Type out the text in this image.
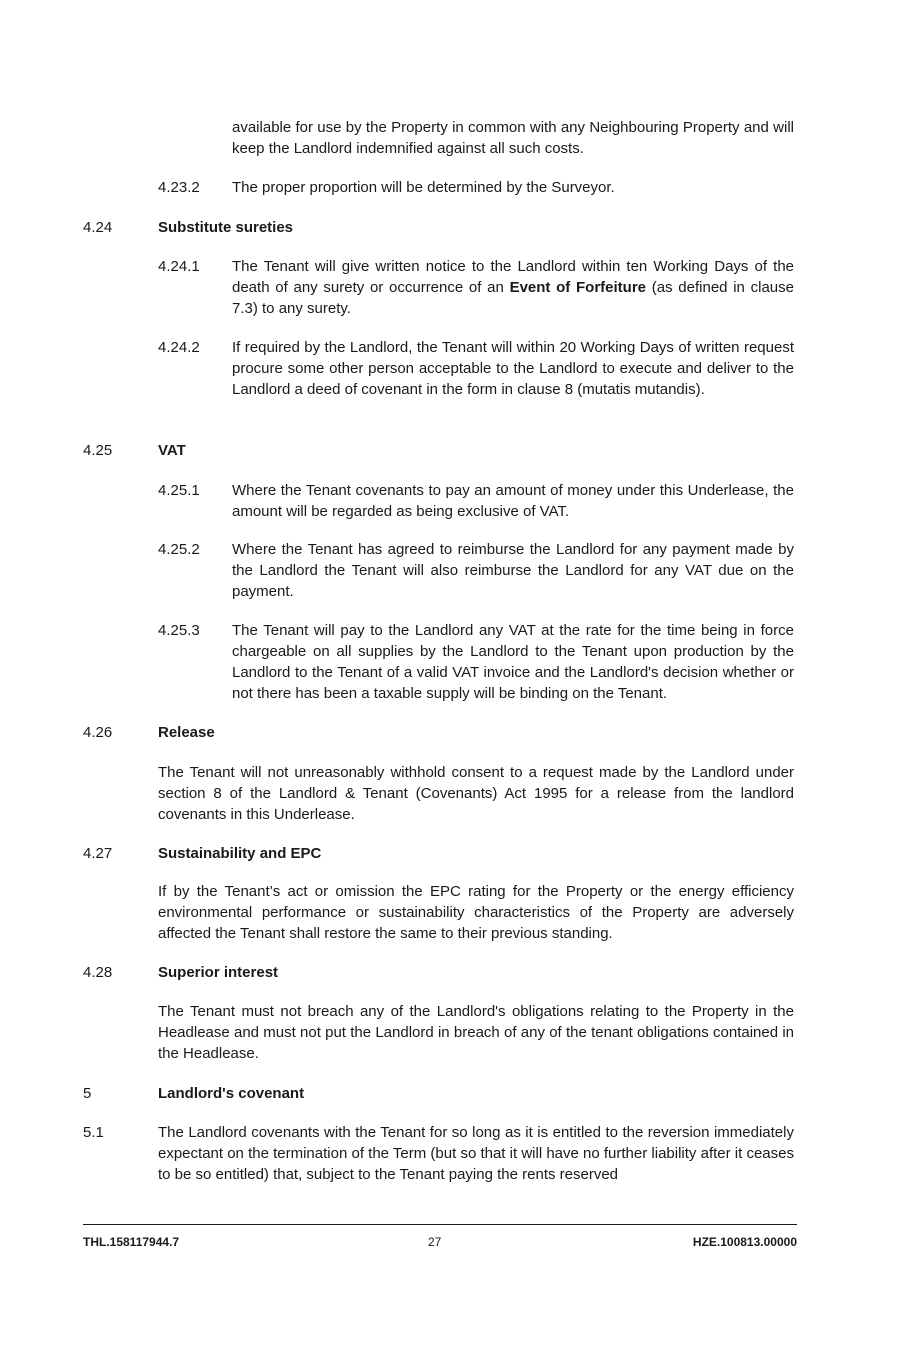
available for use by the Property in common with any Neighbouring Property and will keep the Landlord indemnified against all such costs.

4.23.2 The proper proportion will be determined by the Surveyor.

4.24	Substitute sureties

4.24.1 The Tenant will give written notice to the Landlord within ten Working Days of the death of any surety or occurrence of an Event of Forfeiture (as defined in clause 7.3) to any surety.

4.24.2 If required by the Landlord, the Tenant will within 20 Working Days of written request procure some other person acceptable to the Landlord to execute and deliver to the Landlord a deed of covenant in the form in clause 8 (mutatis mutandis).

4.25	VAT

4.25.1 Where the Tenant covenants to pay an amount of money under this Underlease, the amount will be regarded as being exclusive of VAT.

4.25.2 Where the Tenant has agreed to reimburse the Landlord for any payment made by the Landlord the Tenant will also reimburse the Landlord for any VAT due on the payment.

4.25.3 The Tenant will pay to the Landlord any VAT at the rate for the time being in force chargeable on all supplies by the Landlord to the Tenant upon production by the Landlord to the Tenant of a valid VAT invoice and the Landlord's decision whether or not there has been a taxable supply will be binding on the Tenant.

4.26	Release

The Tenant will not unreasonably withhold consent to a request made by the Landlord under section 8 of the Landlord & Tenant (Covenants) Act 1995 for a release from the landlord covenants in this Underlease.

4.27	Sustainability and EPC

If by the Tenant’s act or omission the EPC rating for the Property or the energy efficiency environmental performance or sustainability characteristics of the Property are adversely affected the Tenant shall restore the same to their previous standing.

4.28	Superior interest

The Tenant must not breach any of the Landlord's obligations relating to the Property in the Headlease and must not put the Landlord in breach of any of the tenant obligations contained in the Headlease.

5	Landlord's covenant

5.1	The Landlord covenants with the Tenant for so long as it is entitled to the reversion immediately expectant on the termination of the Term (but so that it will have no further liability after it ceases to be so entitled) that, subject to the Tenant paying the rents reserved

THL.158117944.7	27	HZE.100813.00000
